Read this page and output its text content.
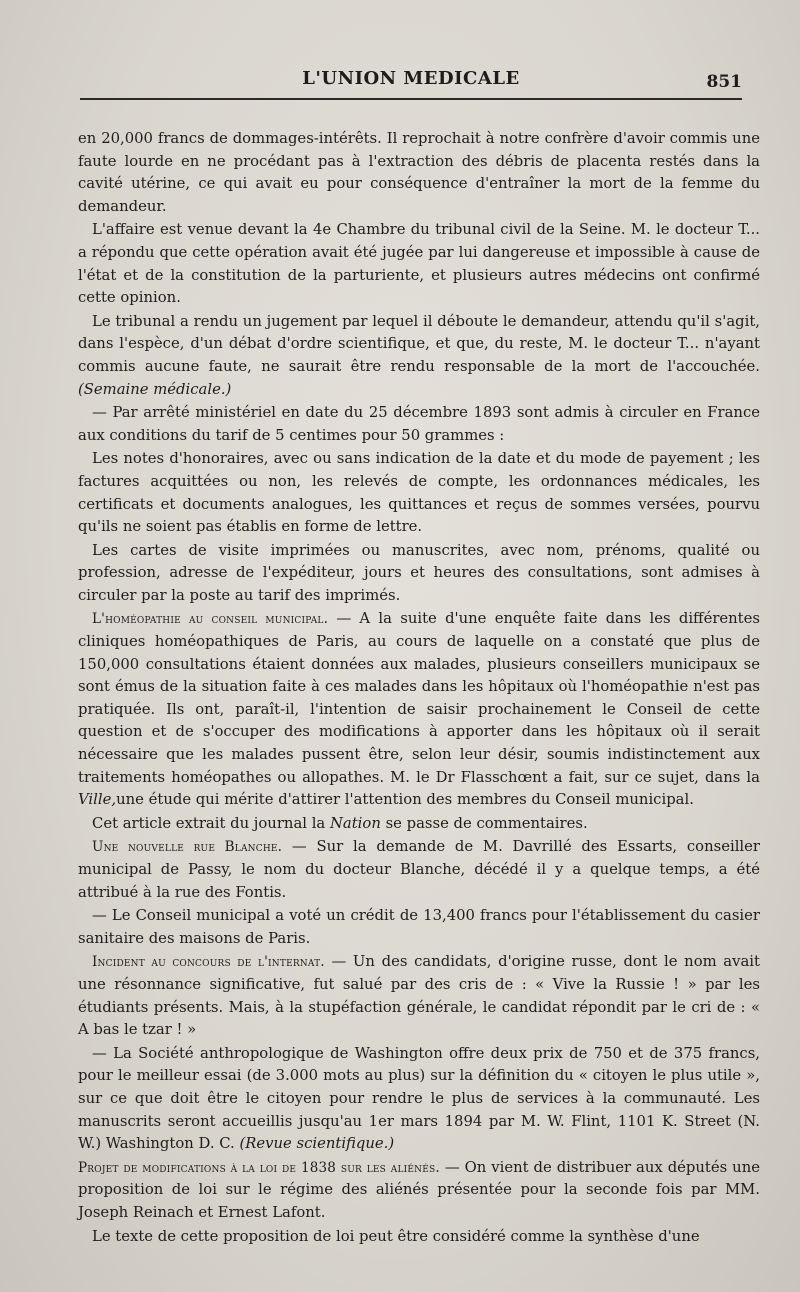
L'UNION MEDICALE	851

en 20,000 francs de dommages-intérêts. Il reprochait à notre confrère d'avoir commis une faute lourde en ne procédant pas à l'extraction des débris de placenta restés dans la cavité utérine, ce qui avait eu pour conséquence d'entraîner la mort de la femme du demandeur.

L'affaire est venue devant la 4e Chambre du tribunal civil de la Seine. M. le docteur T... a répondu que cette opération avait été jugée par lui dangereuse et impossible à cause de l'état et de la constitution de la parturiente, et plusieurs autres médecins ont confirmé cette opinion.

Le tribunal a rendu un jugement par lequel il déboute le demandeur, attendu qu'il s'agit, dans l'espèce, d'un débat d'ordre scientifique, et que, du reste, M. le docteur T... n'ayant commis aucune faute, ne saurait être rendu responsable de la mort de l'accouchée. (Semaine médicale.)

— Par arrêté ministériel en date du 25 décembre 1893 sont admis à circuler en France aux conditions du tarif de 5 centimes pour 50 grammes :

Les notes d'honoraires, avec ou sans indication de la date et du mode de payement ; les factures acquittées ou non, les relevés de compte, les ordonnances médicales, les certificats et documents analogues, les quittances et reçus de sommes versées, pourvu qu'ils ne soient pas établis en forme de lettre.

Les cartes de visite imprimées ou manuscrites, avec nom, prénoms, qualité ou profession, adresse de l'expéditeur, jours et heures des consultations, sont admises à circuler par la poste au tarif des imprimés.

L'homéopathie au conseil municipal. — A la suite d'une enquête faite dans les différentes cliniques homéopathiques de Paris, au cours de laquelle on a constaté que plus de 150,000 consultations étaient données aux malades, plusieurs conseillers municipaux se sont émus de la situation faite à ces malades dans les hôpitaux où l'homéopathie n'est pas pratiquée. Ils ont, paraît-il, l'intention de saisir prochainement le Conseil de cette question et de s'occuper des modifications à apporter dans les hôpitaux où il serait nécessaire que les malades pussent être, selon leur désir, soumis indistinctement aux traitements homéopathes ou allopathes. M. le Dr Flasschœnt a fait, sur ce sujet, dans la Ville,une étude qui mérite d'attirer l'attention des membres du Conseil municipal.

Cet article extrait du journal la Nation se passe de commentaires.

Une nouvelle rue Blanche. — Sur la demande de M. Davrillé des Essarts, conseiller municipal de Passy, le nom du docteur Blanche, décédé il y a quelque temps, a été attribué à la rue des Fontis.

— Le Conseil municipal a voté un crédit de 13,400 francs pour l'établissement du casier sanitaire des maisons de Paris.

Incident au concours de l'internat. — Un des candidats, d'origine russe, dont le nom avait une résonnance significative, fut salué par des cris de : « Vive la Russie ! » par les étudiants présents. Mais, à la stupéfaction générale, le candidat répondit par le cri de : « A bas le tzar ! »

— La Société anthropologique de Washington offre deux prix de 750 et de 375 francs, pour le meilleur essai (de 3.000 mots au plus) sur la définition du « citoyen le plus utile », sur ce que doit être le citoyen pour rendre le plus de services à la communauté. Les manuscrits seront accueillis jusqu'au 1er mars 1894 par M. W. Flint, 1101 K. Street (N. W.) Washington D. C. (Revue scientifique.)

Projet de modifications à la loi de 1838 sur les aliénés. — On vient de distribuer aux députés une proposition de loi sur le régime des aliénés présentée pour la seconde fois par MM. Joseph Reinach et Ernest Lafont.

Le texte de cette proposition de loi peut être considéré comme la synthèse d'une
